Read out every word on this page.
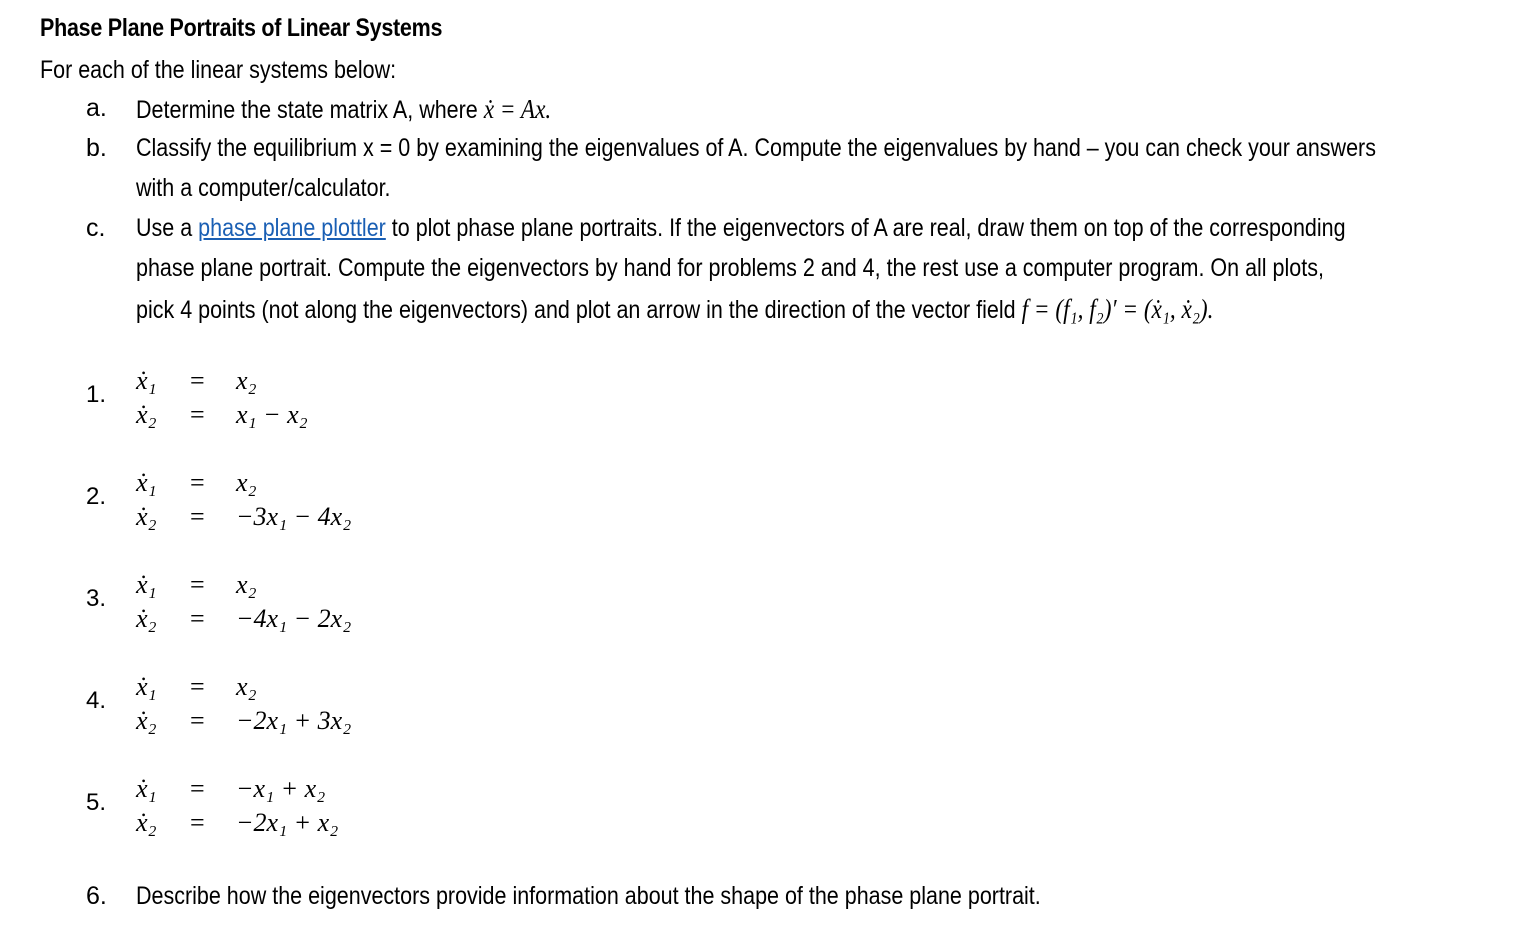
Phase Plane Portraits of Linear Systems
For each of the linear systems below:
a. Determine the state matrix A, where ẋ = Ax.
b. Classify the equilibrium x = 0 by examining the eigenvalues of A. Compute the eigenvalues by hand – you can check your answers
with a computer/calculator.
c. Use a phase plane plottler to plot phase plane portraits. If the eigenvectors of A are real, draw them on top of the corresponding
phase plane portrait. Compute the eigenvectors by hand for problems 2 and 4, the rest use a computer program. On all plots,
pick 4 points (not along the eigenvectors) and plot an arrow in the direction of the vector field f = (f₁, f₂)′ = (ẋ₁, ẋ₂).
1. ẋ₁ = x₂
ẋ₂ = x₁ − x₂
2. ẋ₁ = x₂
ẋ₂ = −3x₁ − 4x₂
3. ẋ₁ = x₂
ẋ₂ = −4x₁ − 2x₂
4. ẋ₁ = x₂
ẋ₂ = −2x₁ + 3x₂
5. ẋ₁ = −x₁ + x₂
ẋ₂ = −2x₁ + x₂
6. Describe how the eigenvectors provide information about the shape of the phase plane portrait.
